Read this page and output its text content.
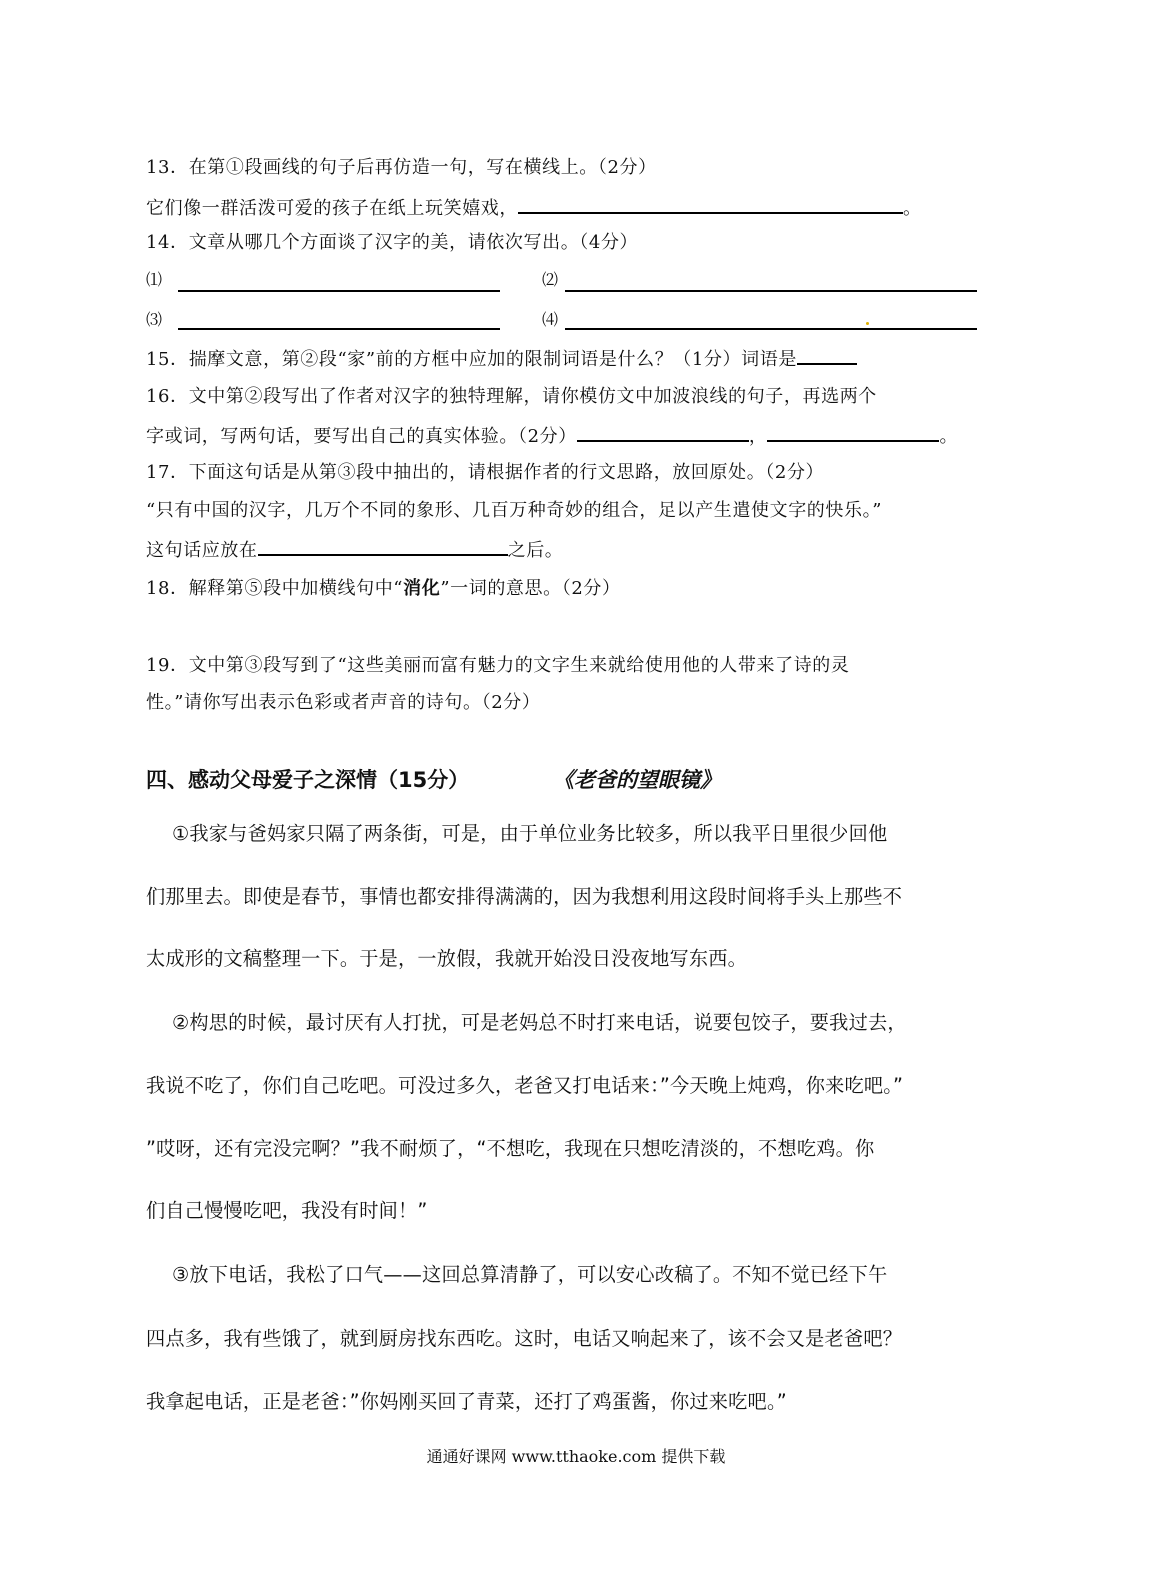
13．在第①段画线的句子后再仿造一句，写在横线上。（2分）
它们像一群活泼可爱的孩子在纸上玩笑嬉戏，	。
14．文章从哪几个方面谈了汉字的美，请依次写出。（4分）
⑴	⑵
⑶	⑷
15．揣摩文意，第②段“家”前的方框中应加的限制词语是什么？（1分）词语是
16．文中第②段写出了作者对汉字的独特理解，请你模仿文中加波浪线的句子，再选两个
字或词，写两句话，要写出自己的真实体验。（2分）	，	。
17．下面这句话是从第③段中抽出的，请根据作者的行文思路，放回原处。（2分）
“只有中国的汉字，几万个不同的象形、几百万种奇妙的组合，足以产生遣使文字的快乐。”
这句话应放在	之后。
18．解释第⑤段中加横线句中“消化”一词的意思。（2分）
19．文中第③段写到了“这些美丽而富有魅力的文字生来就给使用他的人带来了诗的灵
性。”请你写出表示色彩或者声音的诗句。（2分）
四、感动父母爱子之深情（15分）	《老爸的望眼镜》
①我家与爸妈家只隔了两条街，可是，由于单位业务比较多，所以我平日里很少回他
们那里去。即使是春节，事情也都安排得满满的，因为我想利用这段时间将手头上那些不
太成形的文稿整理一下。于是，一放假，我就开始没日没夜地写东西。
②构思的时候，最讨厌有人打扰，可是老妈总不时打来电话，说要包饺子，要我过去，
我说不吃了，你们自己吃吧。可没过多久，老爸又打电话来：”今天晚上炖鸡，你来吃吧。”
”哎呀，还有完没完啊？”我不耐烦了，“不想吃，我现在只想吃清淡的，不想吃鸡。你
们自己慢慢吃吧，我没有时间！”
③放下电话，我松了口气——这回总算清静了，可以安心改稿了。不知不觉已经下午
四点多，我有些饿了，就到厨房找东西吃。这时，电话又响起来了，该不会又是老爸吧？
我拿起电话，正是老爸：”你妈刚买回了青菜，还打了鸡蛋酱，你过来吃吧。”
通通好课网 www.tthaoke.com 提供下载
